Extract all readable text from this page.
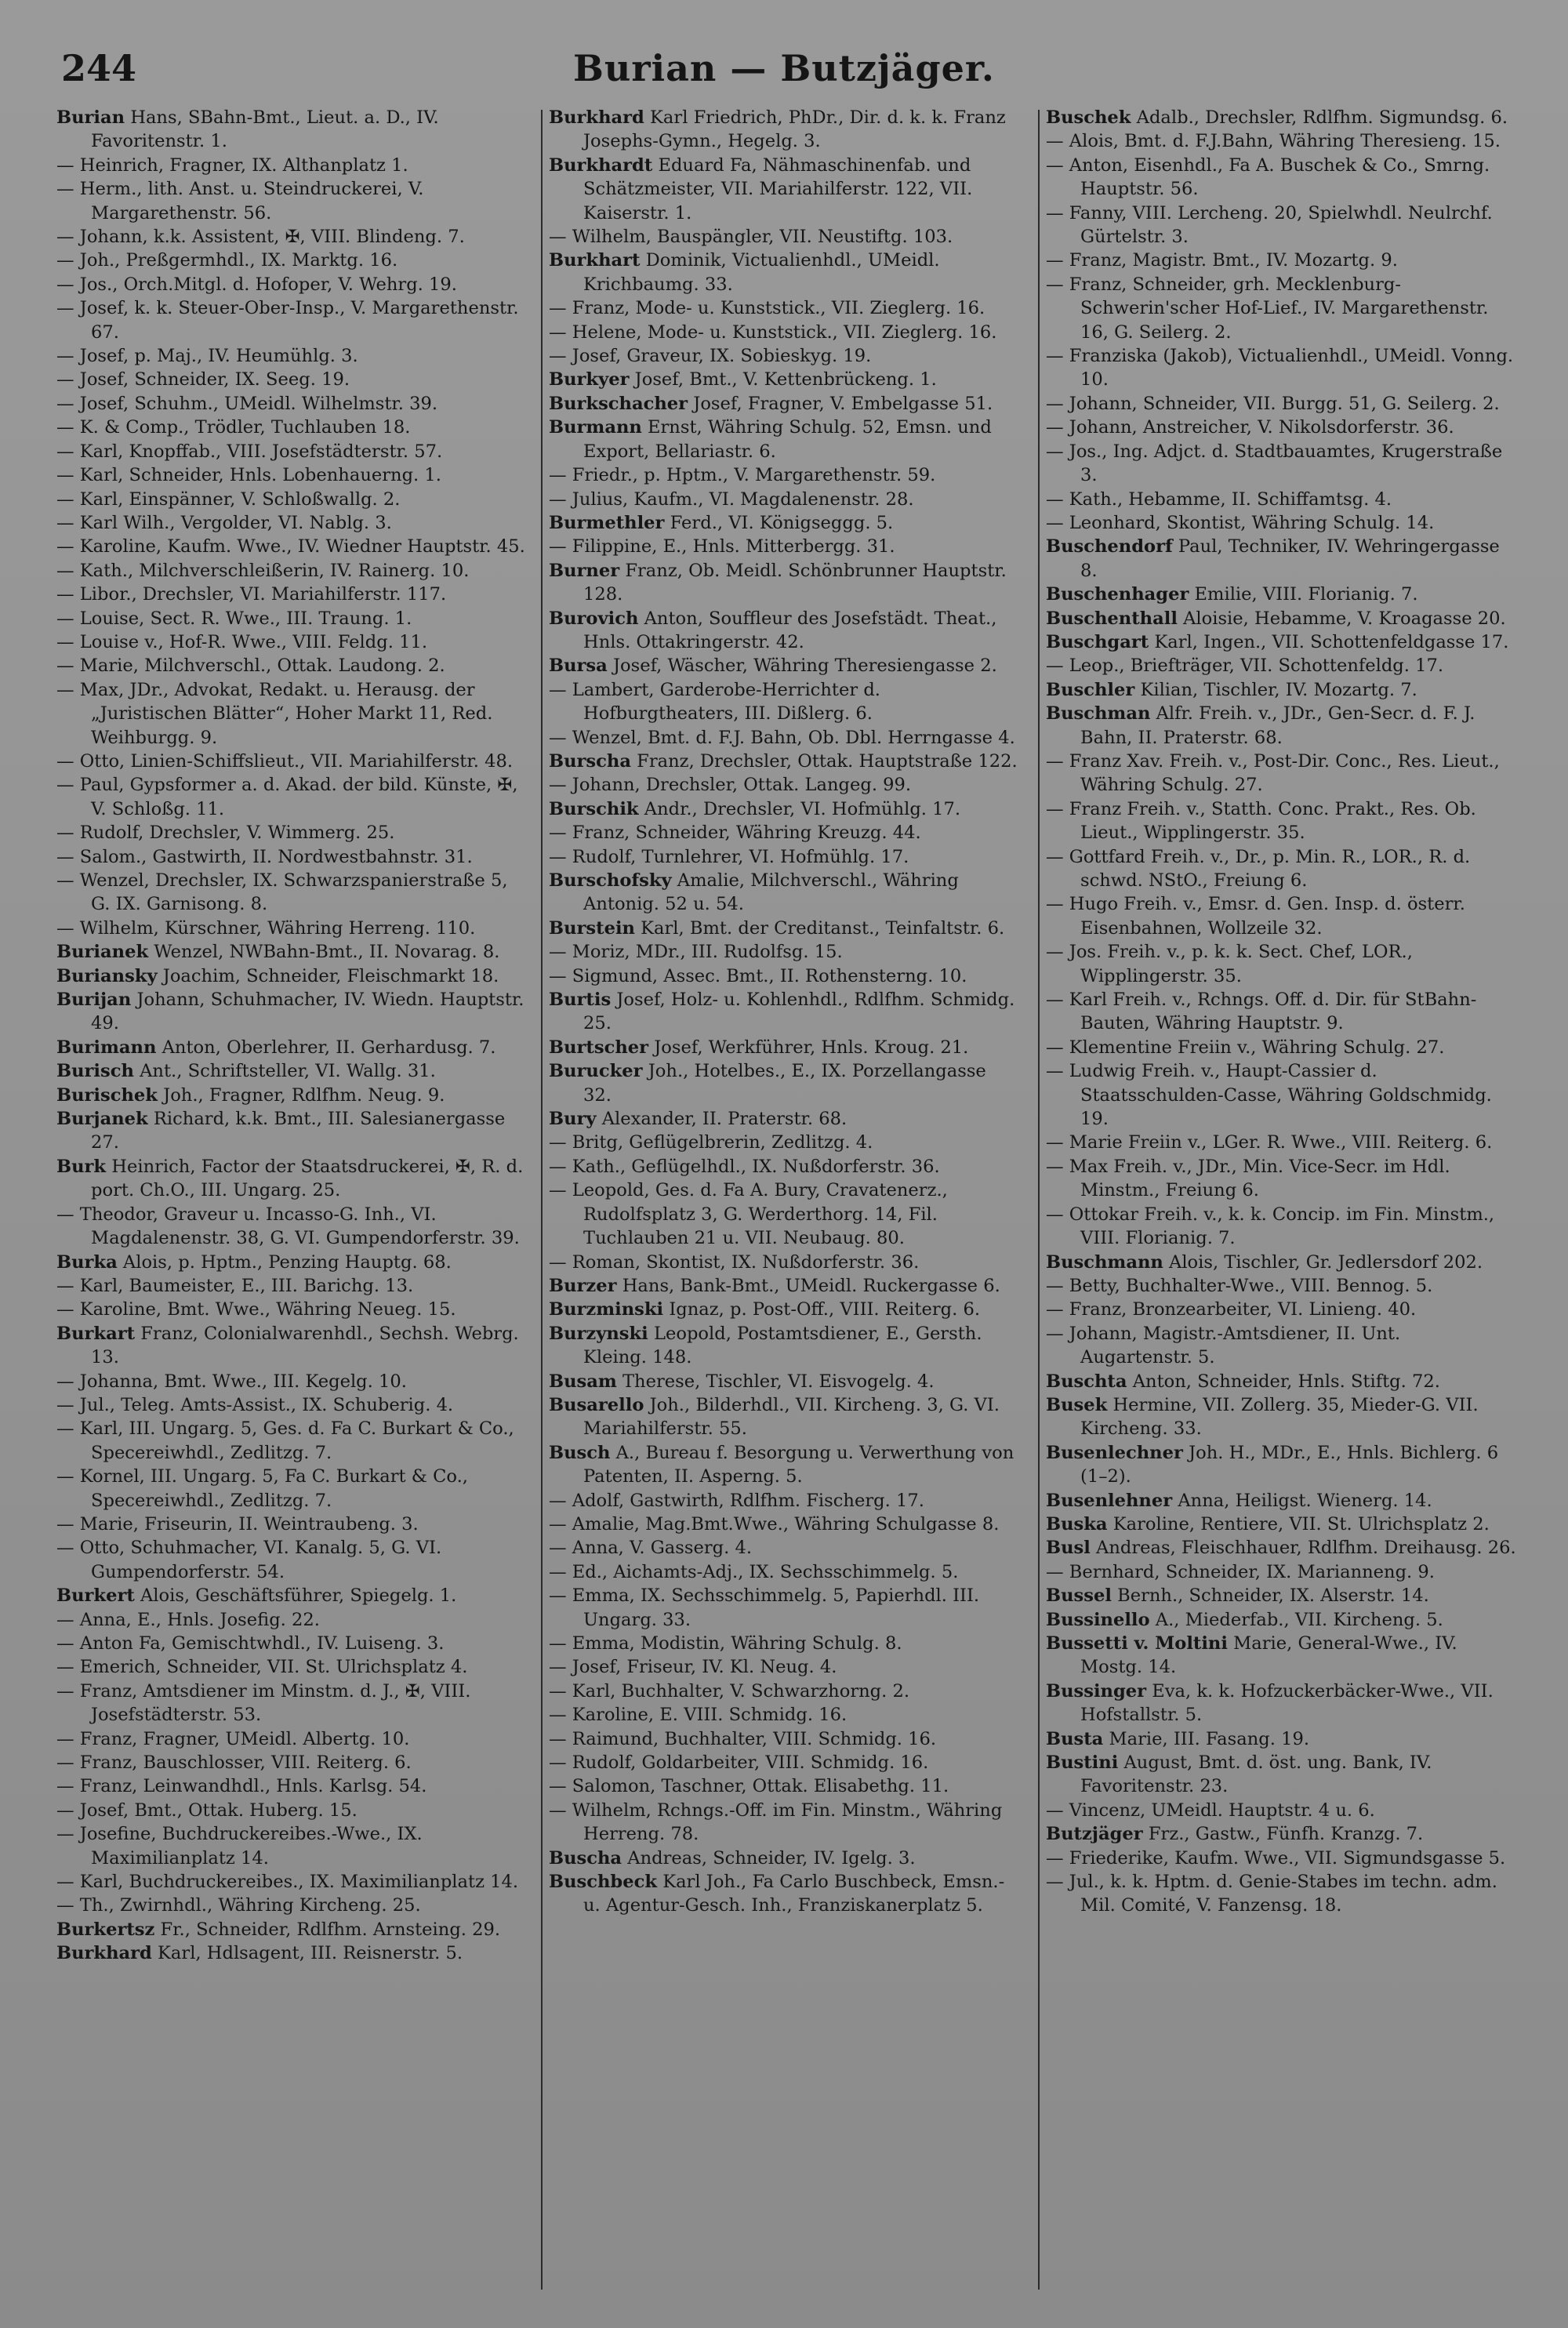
244	Burian — Butzjäger.

Burian Hans, SBahn-Bmt., Lieut. a. D., IV. Favoritenstr. 1.

— Heinrich, Fragner, IX. Althanplatz 1.

— Herm., lith. Anst. u. Steindruckerei, V. Margarethenstr. 56.

— Johann, k.k. Assistent, ✠, VIII. Blindeng. 7.

— Joh., Preßgermhdl., IX. Marktg. 16.

— Jos., Orch.Mitgl. d. Hofoper, V. Wehrg. 19.

— Josef, k. k. Steuer-Ober-Insp., V. Margarethenstr. 67.

— Josef, p. Maj., IV. Heumühlg. 3.

— Josef, Schneider, IX. Seeg. 19.

— Josef, Schuhm., UMeidl. Wilhelmstr. 39.

— K. & Comp., Trödler, Tuchlauben 18.

— Karl, Knopffab., VIII. Josefstädterstr. 57.

— Karl, Schneider, Hnls. Lobenhauerng. 1.

— Karl, Einspänner, V. Schloßwallg. 2.

— Karl Wilh., Vergolder, VI. Nablg. 3.

— Karoline, Kaufm. Wwe., IV. Wiedner Hauptstr. 45.

— Kath., Milchverschleißerin, IV. Rainerg. 10.

— Libor., Drechsler, VI. Mariahilferstr. 117.

— Louise, Sect. R. Wwe., III. Traung. 1.

— Louise v., Hof-R. Wwe., VIII. Feldg. 11.

— Marie, Milchverschl., Ottak. Laudong. 2.

— Max, JDr., Advokat, Redakt. u. Herausg. der „Juristischen Blätter“, Hoher Markt 11, Red. Weihburgg. 9.

— Otto, Linien-Schiffslieut., VII. Mariahilferstr. 48.

— Paul, Gypsformer a. d. Akad. der bild. Künste, ✠, V. Schloßg. 11.

— Rudolf, Drechsler, V. Wimmerg. 25.

— Salom., Gastwirth, II. Nordwestbahnstr. 31.

— Wenzel, Drechsler, IX. Schwarzspanierstraße 5, G. IX. Garnisong. 8.

— Wilhelm, Kürschner, Währing Herreng. 110.

Burianek Wenzel, NWBahn-Bmt., II. Novarag. 8.

Buriansky Joachim, Schneider, Fleischmarkt 18.

Burijan Johann, Schuhmacher, IV. Wiedn. Hauptstr. 49.

Burimann Anton, Oberlehrer, II. Gerhardusg. 7.

Burisch Ant., Schriftsteller, VI. Wallg. 31.

Burischek Joh., Fragner, Rdlfhm. Neug. 9.

Burjanek Richard, k.k. Bmt., III. Salesianergasse 27.

Burk Heinrich, Factor der Staatsdruckerei, ✠, R. d. port. Ch.O., III. Ungarg. 25.

— Theodor, Graveur u. Incasso-G. Inh., VI. Magdalenenstr. 38, G. VI. Gumpendorferstr. 39.

Burka Alois, p. Hptm., Penzing Hauptg. 68.

— Karl, Baumeister, E., III. Barichg. 13.

— Karoline, Bmt. Wwe., Währing Neueg. 15.

Burkart Franz, Colonialwarenhdl., Sechsh. Webrg. 13.

— Johanna, Bmt. Wwe., III. Kegelg. 10.

— Jul., Teleg. Amts-Assist., IX. Schuberig. 4.

— Karl, III. Ungarg. 5, Ges. d. Fa C. Burkart & Co., Specereiwhdl., Zedlitzg. 7.

— Kornel, III. Ungarg. 5, Fa C. Burkart & Co., Specereiwhdl., Zedlitzg. 7.

— Marie, Friseurin, II. Weintraubeng. 3.

— Otto, Schuhmacher, VI. Kanalg. 5, G. VI. Gumpendorferstr. 54.

Burkert Alois, Geschäftsführer, Spiegelg. 1.

— Anna, E., Hnls. Josefig. 22.

— Anton Fa, Gemischtwhdl., IV. Luiseng. 3.

— Emerich, Schneider, VII. St. Ulrichsplatz 4.

— Franz, Amtsdiener im Minstm. d. J., ✠, VIII. Josefstädterstr. 53.

— Franz, Fragner, UMeidl. Albertg. 10.

— Franz, Bauschlosser, VIII. Reiterg. 6.

— Franz, Leinwandhdl., Hnls. Karlsg. 54.

— Josef, Bmt., Ottak. Huberg. 15.

— Josefine, Buchdruckereibes.-Wwe., IX. Maximilianplatz 14.

— Karl, Buchdruckereibes., IX. Maximilianplatz 14.

— Th., Zwirnhdl., Währing Kircheng. 25.

Burkertsz Fr., Schneider, Rdlfhm. Arnsteing. 29.

Burkhard Karl, Hdlsagent, III. Reisnerstr. 5.

Burkhard Karl Friedrich, PhDr., Dir. d. k. k. Franz Josephs-Gymn., Hegelg. 3.

Burkhardt Eduard Fa, Nähmaschinenfab. und Schätzmeister, VII. Mariahilferstr. 122, VII. Kaiserstr. 1.

— Wilhelm, Bauspängler, VII. Neustiftg. 103.

Burkhart Dominik, Victualienhdl., UMeidl. Krichbaumg. 33.

— Franz, Mode- u. Kunststick., VII. Zieglerg. 16.

— Helene, Mode- u. Kunststick., VII. Zieglerg. 16.

— Josef, Graveur, IX. Sobieskyg. 19.

Burkyer Josef, Bmt., V. Kettenbrückeng. 1.

Burkschacher Josef, Fragner, V. Embelgasse 51.

Burmann Ernst, Währing Schulg. 52, Emsn. und Export, Bellariastr. 6.

— Friedr., p. Hptm., V. Margarethenstr. 59.

— Julius, Kaufm., VI. Magdalenenstr. 28.

Burmethler Ferd., VI. Königseggg. 5.

— Filippine, E., Hnls. Mitterbergg. 31.

Burner Franz, Ob. Meidl. Schönbrunner Hauptstr. 128.

Burovich Anton, Souffleur des Josefstädt. Theat., Hnls. Ottakringerstr. 42.

Bursa Josef, Wäscher, Währing Theresiengasse 2.

— Lambert, Garderobe-Herrichter d. Hofburgtheaters, III. Dißlerg. 6.

— Wenzel, Bmt. d. F.J. Bahn, Ob. Dbl. Herrngasse 4.

Burscha Franz, Drechsler, Ottak. Hauptstraße 122.

— Johann, Drechsler, Ottak. Langeg. 99.

Burschik Andr., Drechsler, VI. Hofmühlg. 17.

— Franz, Schneider, Währing Kreuzg. 44.

— Rudolf, Turnlehrer, VI. Hofmühlg. 17.

Burschofsky Amalie, Milchverschl., Währing Antonig. 52 u. 54.

Burstein Karl, Bmt. der Creditanst., Teinfaltstr. 6.

— Moriz, MDr., III. Rudolfsg. 15.

— Sigmund, Assec. Bmt., II. Rothensterng. 10.

Burtis Josef, Holz- u. Kohlenhdl., Rdlfhm. Schmidg. 25.

Burtscher Josef, Werkführer, Hnls. Kroug. 21.

Burucker Joh., Hotelbes., E., IX. Porzellangasse 32.

Bury Alexander, II. Praterstr. 68.

— Britg, Geflügelbrerin, Zedlitzg. 4.

— Kath., Geflügelhdl., IX. Nußdorferstr. 36.

— Leopold, Ges. d. Fa A. Bury, Cravatenerz., Rudolfsplatz 3, G. Werderthorg. 14, Fil. Tuchlauben 21 u. VII. Neubaug. 80.

— Roman, Skontist, IX. Nußdorferstr. 36.

Burzer Hans, Bank-Bmt., UMeidl. Ruckergasse 6.

Burzminski Ignaz, p. Post-Off., VIII. Reiterg. 6.

Burzynski Leopold, Postamtsdiener, E., Gersth. Kleing. 148.

Busam Therese, Tischler, VI. Eisvogelg. 4.

Busarello Joh., Bilderhdl., VII. Kircheng. 3, G. VI. Mariahilferstr. 55.

Busch A., Bureau f. Besorgung u. Verwerthung von Patenten, II. Asperng. 5.

— Adolf, Gastwirth, Rdlfhm. Fischerg. 17.

— Amalie, Mag.Bmt.Wwe., Währing Schulgasse 8.

— Anna, V. Gasserg. 4.

— Ed., Aichamts-Adj., IX. Sechsschimmelg. 5.

— Emma, IX. Sechsschimmelg. 5, Papierhdl. III. Ungarg. 33.

— Emma, Modistin, Währing Schulg. 8.

— Josef, Friseur, IV. Kl. Neug. 4.

— Karl, Buchhalter, V. Schwarzhorng. 2.

— Karoline, E. VIII. Schmidg. 16.

— Raimund, Buchhalter, VIII. Schmidg. 16.

— Rudolf, Goldarbeiter, VIII. Schmidg. 16.

— Salomon, Taschner, Ottak. Elisabethg. 11.

— Wilhelm, Rchngs.-Off. im Fin. Minstm., Währing Herreng. 78.

Buscha Andreas, Schneider, IV. Igelg. 3.

Buschbeck Karl Joh., Fa Carlo Buschbeck, Emsn.- u. Agentur-Gesch. Inh., Franziskanerplatz 5.

Buschek Adalb., Drechsler, Rdlfhm. Sigmundsg. 6.

— Alois, Bmt. d. F.J.Bahn, Währing Theresieng. 15.

— Anton, Eisenhdl., Fa A. Buschek & Co., Smrng. Hauptstr. 56.

— Fanny, VIII. Lercheng. 20, Spielwhdl. Neulrchf. Gürtelstr. 3.

— Franz, Magistr. Bmt., IV. Mozartg. 9.

— Franz, Schneider, grh. Mecklenburg-Schwerin'scher Hof-Lief., IV. Margarethenstr. 16, G. Seilerg. 2.

— Franziska (Jakob), Victualienhdl., UMeidl. Vonng. 10.

— Johann, Schneider, VII. Burgg. 51, G. Seilerg. 2.

— Johann, Anstreicher, V. Nikolsdorferstr. 36.

— Jos., Ing. Adjct. d. Stadtbauamtes, Krugerstraße 3.

— Kath., Hebamme, II. Schiffamtsg. 4.

— Leonhard, Skontist, Währing Schulg. 14.

Buschendorf Paul, Techniker, IV. Wehringergasse 8.

Buschenhager Emilie, VIII. Florianig. 7.

Buschenthall Aloisie, Hebamme, V. Kroagasse 20.

Buschgart Karl, Ingen., VII. Schottenfeldgasse 17.

— Leop., Briefträger, VII. Schottenfeldg. 17.

Buschler Kilian, Tischler, IV. Mozartg. 7.

Buschman Alfr. Freih. v., JDr., Gen-Secr. d. F. J. Bahn, II. Praterstr. 68.

— Franz Xav. Freih. v., Post-Dir. Conc., Res. Lieut., Währing Schulg. 27.

— Franz Freih. v., Statth. Conc. Prakt., Res. Ob. Lieut., Wipplingerstr. 35.

— Gottfard Freih. v., Dr., p. Min. R., LOR., R. d. schwd. NStO., Freiung 6.

— Hugo Freih. v., Emsr. d. Gen. Insp. d. österr. Eisenbahnen, Wollzeile 32.

— Jos. Freih. v., p. k. k. Sect. Chef, LOR., Wipplingerstr. 35.

— Karl Freih. v., Rchngs. Off. d. Dir. für StBahn-Bauten, Währing Hauptstr. 9.

— Klementine Freiin v., Währing Schulg. 27.

— Ludwig Freih. v., Haupt-Cassier d. Staatsschulden-Casse, Währing Goldschmidg. 19.

— Marie Freiin v., LGer. R. Wwe., VIII. Reiterg. 6.

— Max Freih. v., JDr., Min. Vice-Secr. im Hdl. Minstm., Freiung 6.

— Ottokar Freih. v., k. k. Concip. im Fin. Minstm., VIII. Florianig. 7.

Buschmann Alois, Tischler, Gr. Jedlersdorf 202.

— Betty, Buchhalter-Wwe., VIII. Bennog. 5.

— Franz, Bronzearbeiter, VI. Linieng. 40.

— Johann, Magistr.-Amtsdiener, II. Unt. Augartenstr. 5.

Buschta Anton, Schneider, Hnls. Stiftg. 72.

Busek Hermine, VII. Zollerg. 35, Mieder-G. VII. Kircheng. 33.

Busenlechner Joh. H., MDr., E., Hnls. Bichlerg. 6 (1–2).

Busenlehner Anna, Heiligst. Wienerg. 14.

Buska Karoline, Rentiere, VII. St. Ulrichsplatz 2.

Busl Andreas, Fleischhauer, Rdlfhm. Dreihausg. 26.

— Bernhard, Schneider, IX. Marianneng. 9.

Bussel Bernh., Schneider, IX. Alserstr. 14.

Bussinello A., Miederfab., VII. Kircheng. 5.

Bussetti v. Moltini Marie, General-Wwe., IV. Mostg. 14.

Bussinger Eva, k. k. Hofzuckerbäcker-Wwe., VII. Hofstallstr. 5.

Busta Marie, III. Fasang. 19.

Bustini August, Bmt. d. öst. ung. Bank, IV. Favoritenstr. 23.

— Vincenz, UMeidl. Hauptstr. 4 u. 6.

Butzjäger Frz., Gastw., Fünfh. Kranzg. 7.

— Friederike, Kaufm. Wwe., VII. Sigmundsgasse 5.

— Jul., k. k. Hptm. d. Genie-Stabes im techn. adm. Mil. Comité, V. Fanzensg. 18.
